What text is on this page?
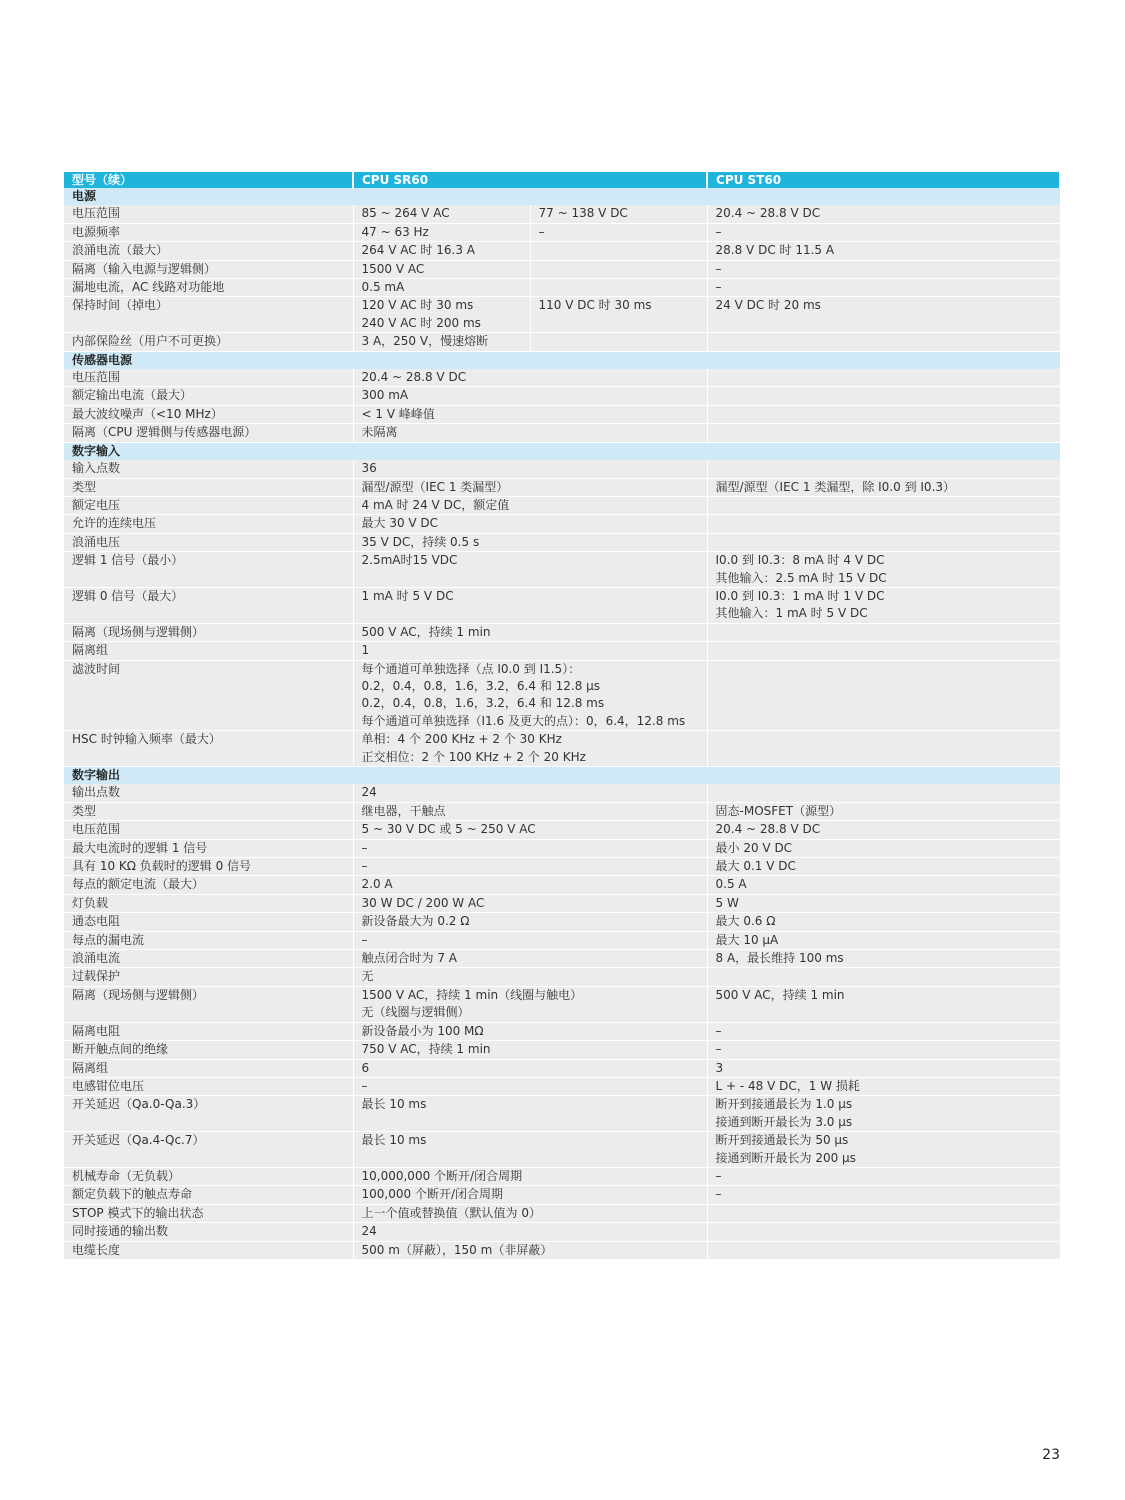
型号（续）	CPU SR60		CPU ST60
电源			
电压范围	85 ~ 264 V AC	77 ~ 138 V DC	20.4 ~ 28.8 V DC

电源频率	47 ~ 63 Hz	–	–

浪涌电流（最大）	264 V AC 时 16.3 A		28.8 V DC 时 11.5 A

隔离（输入电源与逻辑侧）	1500 V AC		–

漏地电流，AC 线路对功能地	0.5 mA		–

保持时间（掉电）	120 V AC 时 30 ms
240 V AC 时 200 ms	110 V DC 时 30 ms	24 V DC 时 20 ms

内部保险丝（用户不可更换）	3 A，250 V，慢速熔断		

传感器电源			
电压范围	20.4 ~ 28.8 V DC		

额定输出电流（最大）	300 mA		

最大波纹噪声（<10 MHz）	< 1 V 峰峰值		

隔离（CPU 逻辑侧与传感器电源）	未隔离		

数字输入			
输入点数	36		

类型	漏型/源型（IEC 1 类漏型）		漏型/源型（IEC 1 类漏型，除 I0.0 到 I0.3）

额定电压	4 mA 时 24 V DC，额定值		

允许的连续电压	最大 30 V DC		

浪涌电压	35 V DC，持续 0.5 s		

逻辑 1 信号（最小）	2.5mA时15 VDC		I0.0 到 I0.3：8 mA 时 4 V DC
其他输入：2.5 mA 时 15 V DC

逻辑 0 信号（最大）	1 mA 时 5 V DC		I0.0 到 I0.3：1 mA 时 1 V DC
其他输入：1 mA 时 5 V DC

隔离（现场侧与逻辑侧）	500 V AC，持续 1 min		

隔离组	1		

滤波时间	每个通道可单独选择（点 I0.0 到 I1.5）：
0.2，0.4，0.8，1.6，3.2，6.4 和 12.8 μs
0.2，0.4，0.8，1.6，3.2，6.4 和 12.8 ms
每个通道可单独选择（I1.6 及更大的点）：0，6.4，12.8 ms		

HSC 时钟输入频率（最大）	单相：4 个 200 KHz + 2 个 30 KHz
正交相位：2 个 100 KHz + 2 个 20 KHz		

数字输出			
输出点数	24		

类型	继电器，干触点		固态-MOSFET（源型）

电压范围	5 ~ 30 V DC 或 5 ~ 250 V AC		20.4 ~ 28.8 V DC

最大电流时的逻辑 1 信号	–		最小 20 V DC

具有 10 KΩ 负载时的逻辑 0 信号	–		最大 0.1 V DC

每点的额定电流（最大）	2.0 A		0.5 A

灯负载	30 W DC / 200 W AC		5 W

通态电阻	新设备最大为 0.2 Ω		最大 0.6 Ω

每点的漏电流	–		最大 10 μA

浪涌电流	触点闭合时为 7 A		8 A，最长维持 100 ms

过载保护	无		

隔离（现场侧与逻辑侧）	1500 V AC，持续 1 min（线圈与触电）
无（线圈与逻辑侧）		500 V AC，持续 1 min

隔离电阻	新设备最小为 100 MΩ		–

断开触点间的绝缘	750 V AC，持续 1 min		–

隔离组	6		3

电感钳位电压	–		L + - 48 V DC，1 W 损耗

开关延迟（Qa.0-Qa.3）	最长 10 ms		断开到接通最长为 1.0 μs
接通到断开最长为 3.0 μs

开关延迟（Qa.4-Qc.7）	最长 10 ms		断开到接通最长为 50 μs
接通到断开最长为 200 μs

机械寿命（无负载）	10,000,000 个断开/闭合周期		–

额定负载下的触点寿命	100,000 个断开/闭合周期		–

STOP 模式下的输出状态	上一个值或替换值（默认值为 0）		

同时接通的输出数	24		

电缆长度	500 m（屏蔽），150 m（非屏蔽）		

23
